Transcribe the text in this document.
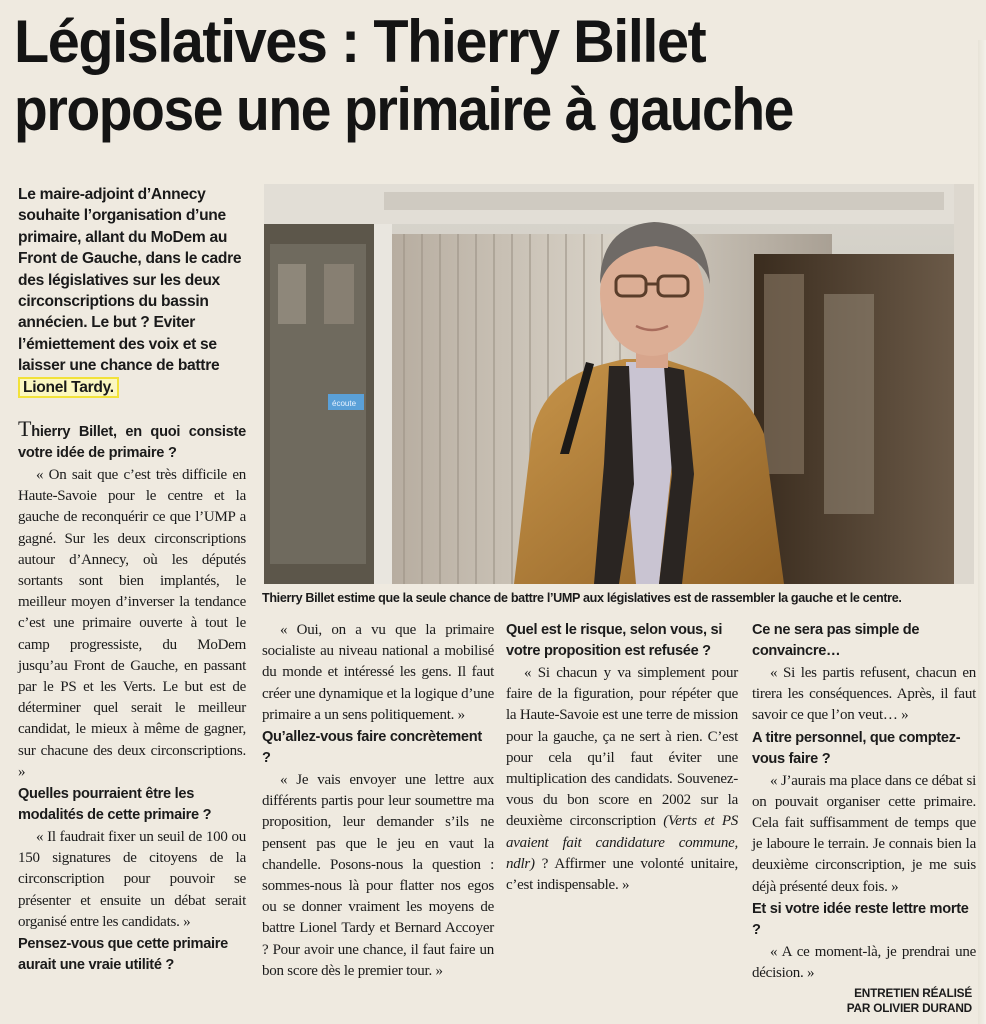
Législatives : Thierry Billet
propose une primaire à gauche
Le maire-adjoint d’Annecy souhaite l’organisation d’une primaire, allant du MoDem au Front de Gauche, dans le cadre des législatives sur les deux circonscriptions du bassin annécien. Le but ? Eviter l’émiettement des voix et se laisser une chance de battre Lionel Tardy.
écoute
Thierry Billet estime que la seule chance de battre l’UMP aux législatives est de rassembler la gauche et le centre.

Thierry Billet, en quoi consiste votre idée de primaire ?

« On sait que c’est très difficile en Haute-Savoie pour le centre et la gauche de reconquérir ce que l’UMP a gagné. Sur les deux circonscriptions autour d’Annecy, où les députés sortants sont bien implantés, le meilleur moyen d’inverser la tendance c’est une primaire ouverte à tout le camp progressiste, du MoDem jusqu’au Front de Gauche, en passant par le PS et les Verts. Le but est de déterminer quel serait le meilleur candidat, le mieux à même de gagner, sur chacune des deux circonscriptions. »

Quelles pourraient être les modalités de cette primaire ?

« Il faudrait fixer un seuil de 100 ou 150 signatures de citoyens de la circonscription pour pouvoir se présenter et ensuite un débat serait organisé entre les candidats. »

Pensez-vous que cette primaire aurait une vraie utilité ?

« Oui, on a vu que la primaire socialiste au niveau national a mobilisé du monde et intéressé les gens. Il faut créer une dynamique et la logique d’une primaire a un sens politiquement. »

Qu’allez-vous faire concrètement ?

« Je vais envoyer une lettre aux différents partis pour leur soumettre ma proposition, leur demander s’ils ne pensent pas que le jeu en vaut la chandelle. Posons-nous la question : sommes-nous là pour flatter nos egos ou se donner vraiment les moyens de battre Lionel Tardy et Bernard Accoyer ? Pour avoir une chance, il faut faire un bon score dès le premier tour. »

Quel est le risque, selon vous, si votre proposition est refusée ?

« Si chacun y va simplement pour faire de la figuration, pour répéter que la Haute-Savoie est une terre de mission pour la gauche, ça ne sert à rien. C’est pour cela qu’il faut éviter une multiplication des candidats. Souvenez-vous du bon score en 2002 sur la deuxième circonscription (Verts et PS avaient fait candidature commune, ndlr) ? Affirmer une volonté unitaire, c’est indispensable. »

Ce ne sera pas simple de convaincre…

« Si les partis refusent, chacun en tirera les conséquences. Après, il faut savoir ce que l’on veut… »

A titre personnel, que comptez-vous faire ?

« J’aurais ma place dans ce débat si on pouvait organiser cette primaire. Cela fait suffisamment de temps que je laboure le terrain. Je connais bien la deuxième circonscription, je me suis déjà présenté deux fois. »

Et si votre idée reste lettre morte ?

« A ce moment-là, je prendrai une décision. »

ENTRETIEN RÉALISÉ
PAR OLIVIER DURAND
